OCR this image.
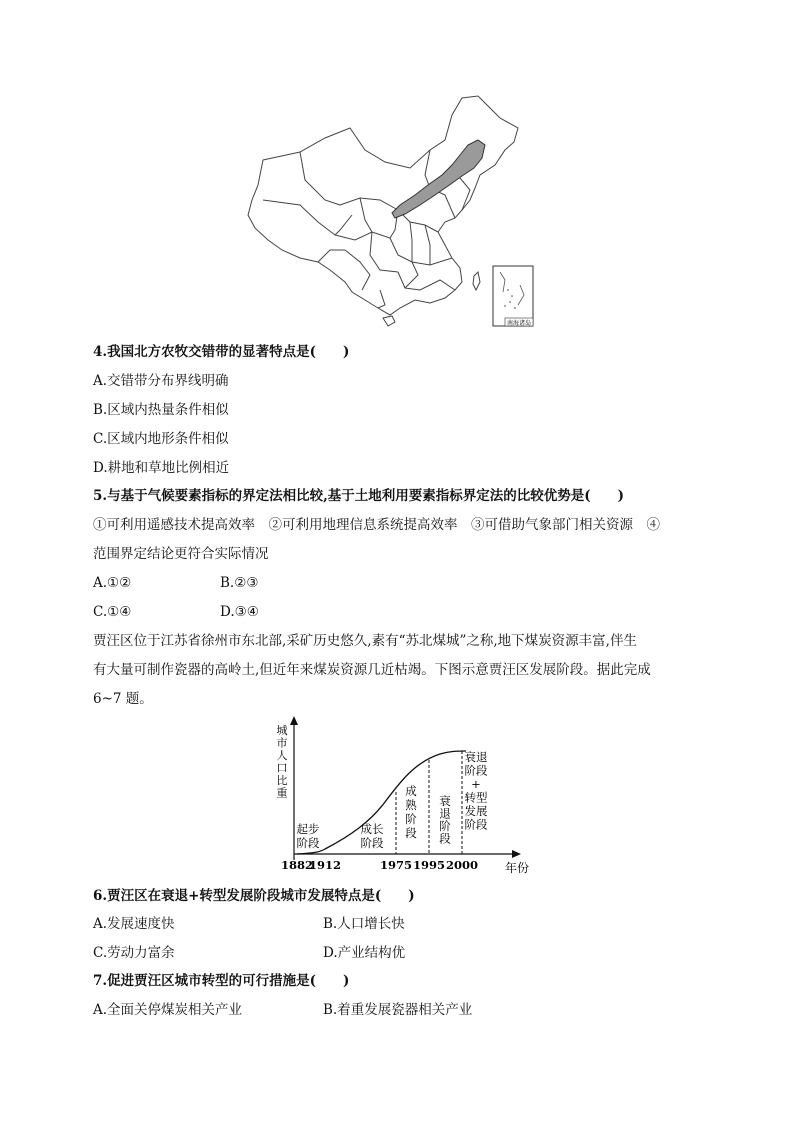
南海诸岛
4.我国北方农牧交错带的显著特点是(　　)
A.交错带分布界线明确
B.区域内热量条件相似
C.区域内地形条件相似
D.耕地和草地比例相近
5.与基于气候要素指标的界定法相比较,基于土地利用要素指标界定法的比较优势是(　　)
①可利用遥感技术提高效率　②可利用地理信息系统提高效率　③可借助气象部门相关资源　④
范围界定结论更符合实际情况
A.①②	B.②③
C.①④	D.③④
贾汪区位于江苏省徐州市东北部,采矿历史悠久,素有“苏北煤城”之称,地下煤炭资源丰富,伴生
有大量可制作瓷器的高岭土,但近年来煤炭资源几近枯竭。下图示意贾汪区发展阶段。据此完成
6~7 题。
城
市
人
口
比
重
年份
1882
1912	1975 1995 2000
起步
阶段
成长
阶段
成
熟
阶
段
衰
退
阶
段
衰退
阶段
+
转型
发展
阶段
6.贾汪区在衰退+转型发展阶段城市发展特点是(　　)
A.发展速度快	B.人口增长快
C.劳动力富余	D.产业结构优
7.促进贾汪区城市转型的可行措施是(　　)
A.全面关停煤炭相关产业	B.着重发展瓷器相关产业
